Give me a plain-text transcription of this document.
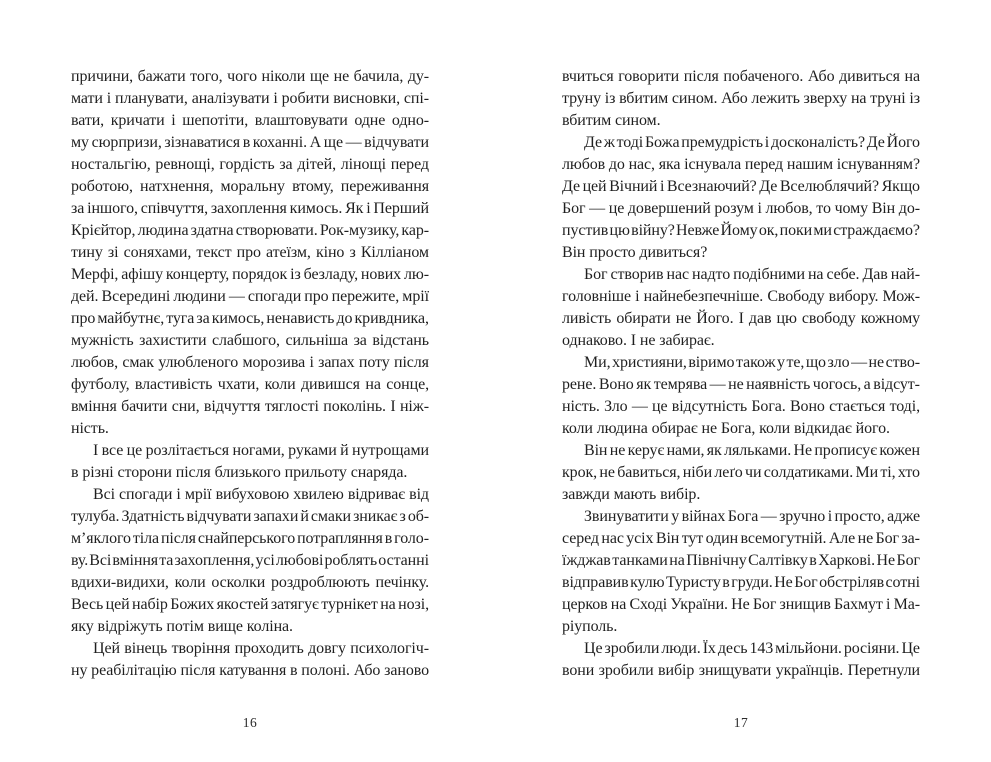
причини, бажати того, чого ніколи ще не бачила, ду-
мати і планувати, аналізувати і робити висновки, спі-
вати, кричати і шепотіти, влаштовувати одне одно-
му сюрпризи, зізнаватися в коханні. А ще — відчувати
ностальгію, ревнощі, гордість за дітей, лінощі перед
роботою, натхнення, моральну втому, переживання
за іншого, співчуття, захоплення кимось. Як і Перший
Крієйтор, людина здатна створювати. Рок-музику, кар-
тину зі соняхами, текст про атеїзм, кіно з Кілліаном
Мерфі, афішу концерту, порядок із безладу, нових лю-
дей. Всередині людини — спогади про пережите, мрії
про майбутнє, туга за кимось, ненависть до кривдника,
мужність захистити слабшого, сильніша за відстань
любов, смак улюбленого морозива і запах поту після
футболу, властивість чхати, коли дивишся на сонце,
вміння бачити сни, відчуття тяглості поколінь. І ніж-
ність.
І все це розлітається ногами, руками й нутрощами
в різні сторони після близького прильоту снаряда.
Всі спогади і мрії вибуховою хвилею відриває від
тулуба. Здатність відчувати запахи й смаки зникає з об-
м’яклого тіла після снайперського потрапляння в голо-
ву. Всі вміння та захоплення, усі любові роблять останні
вдихи-видихи, коли осколки роздроблюють печінку.
Весь цей набір Божих якостей затягує турнікет на нозі,
яку відріжуть потім вище коліна.
Цей вінець творіння проходить довгу психологіч-
ну реабілітацію після катування в полоні. Або заново
16
вчиться говорити після побаченого. Або дивиться на
труну із вбитим сином. Або лежить зверху на труні із
вбитим сином.
Де ж тоді Божа премудрість і досконалість? Де Його
любов до нас, яка існувала перед нашим існуванням?
Де цей Вічний і Всезнаючий? Де Вселюблячий? Якщо
Бог — це довершений розум і любов, то чому Він до-
пустив цю війну? Невже Йому ок, поки ми страждаємо?
Він просто дивиться?
Бог створив нас надто подібними на себе. Дав най-
головніше і найнебезпечніше. Свободу вибору. Мож-
ливість обирати не Його. І дав цю свободу кожному
однаково. І не забирає.
Ми, християни, віримо також у те, що зло — не ство-
рене. Воно як темрява — не наявність чогось, а відсут-
ність. Зло — це відсутність Бога. Воно стається тоді,
коли людина обирає не Бога, коли відкидає його.
Він не керує нами, як ляльками. Не прописує кожен
крок, не бавиться, ніби леґо чи солдатиками. Ми ті, хто
завжди мають вибір.
Звинуватити у війнах Бога — зручно і просто, адже
серед нас усіх Він тут один всемогутній. Але не Бог за-
їжджав танками на Північну Салтівку в Харкові. Не Бог
відправив кулю Туристу в груди. Не Бог обстріляв сотні
церков на Сході України. Не Бог знищив Бахмут і Ма-
ріуполь.
Це зробили люди. Їх десь 143 мільйони. росіяни. Це
вони зробили вибір знищувати українців. Перетнули
17
